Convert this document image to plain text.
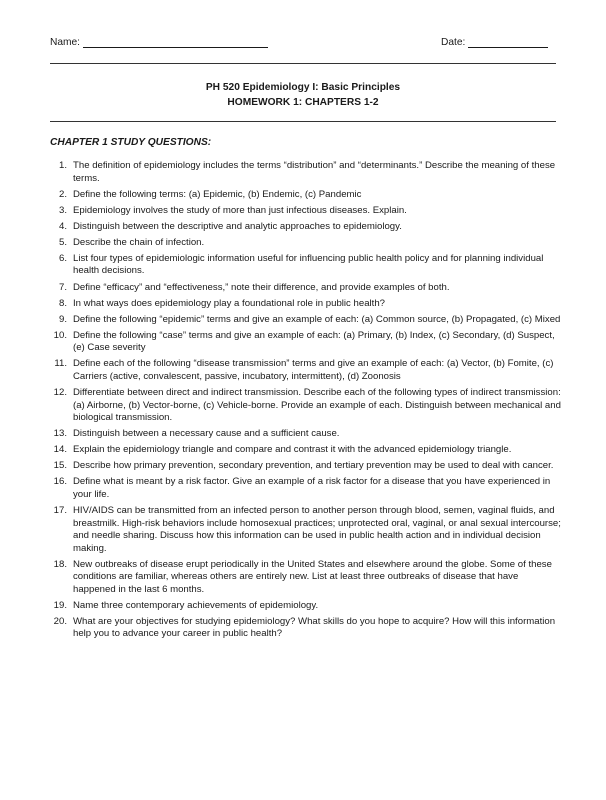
Name:	Date:
PH 520 Epidemiology I: Basic Principles
HOMEWORK 1: CHAPTERS 1-2
CHAPTER 1 STUDY QUESTIONS:
1. The definition of epidemiology includes the terms “distribution” and “determinants.” Describe the meaning of these terms.
2. Define the following terms: (a) Epidemic, (b) Endemic, (c) Pandemic
3. Epidemiology involves the study of more than just infectious diseases. Explain.
4. Distinguish between the descriptive and analytic approaches to epidemiology.
5. Describe the chain of infection.
6. List four types of epidemiologic information useful for influencing public health policy and for planning individual health decisions.
7. Define “efficacy” and “effectiveness,” note their difference, and provide examples of both.
8. In what ways does epidemiology play a foundational role in public health?
9. Define the following “epidemic” terms and give an example of each: (a) Common source, (b) Propagated, (c) Mixed
10. Define the following “case” terms and give an example of each: (a) Primary, (b) Index, (c) Secondary, (d) Suspect, (e) Case severity
11. Define each of the following “disease transmission” terms and give an example of each: (a) Vector, (b) Fomite, (c) Carriers (active, convalescent, passive, incubatory, intermittent), (d) Zoonosis
12. Differentiate between direct and indirect transmission. Describe each of the following types of indirect transmission: (a) Airborne, (b) Vector-borne, (c) Vehicle-borne. Provide an example of each. Distinguish between mechanical and biological transmission.
13. Distinguish between a necessary cause and a sufficient cause.
14. Explain the epidemiology triangle and compare and contrast it with the advanced epidemiology triangle.
15. Describe how primary prevention, secondary prevention, and tertiary prevention may be used to deal with cancer.
16. Define what is meant by a risk factor. Give an example of a risk factor for a disease that you have experienced in your life.
17. HIV/AIDS can be transmitted from an infected person to another person through blood, semen, vaginal fluids, and breastmilk. High-risk behaviors include homosexual practices; unprotected oral, vaginal, or anal sexual intercourse; and needle sharing. Discuss how this information can be used in public health action and in individual decision making.
18. New outbreaks of disease erupt periodically in the United States and elsewhere around the globe. Some of these conditions are familiar, whereas others are entirely new. List at least three outbreaks of disease that have happened in the last 6 months.
19. Name three contemporary achievements of epidemiology.
20. What are your objectives for studying epidemiology? What skills do you hope to acquire? How will this information help you to advance your career in public health?
